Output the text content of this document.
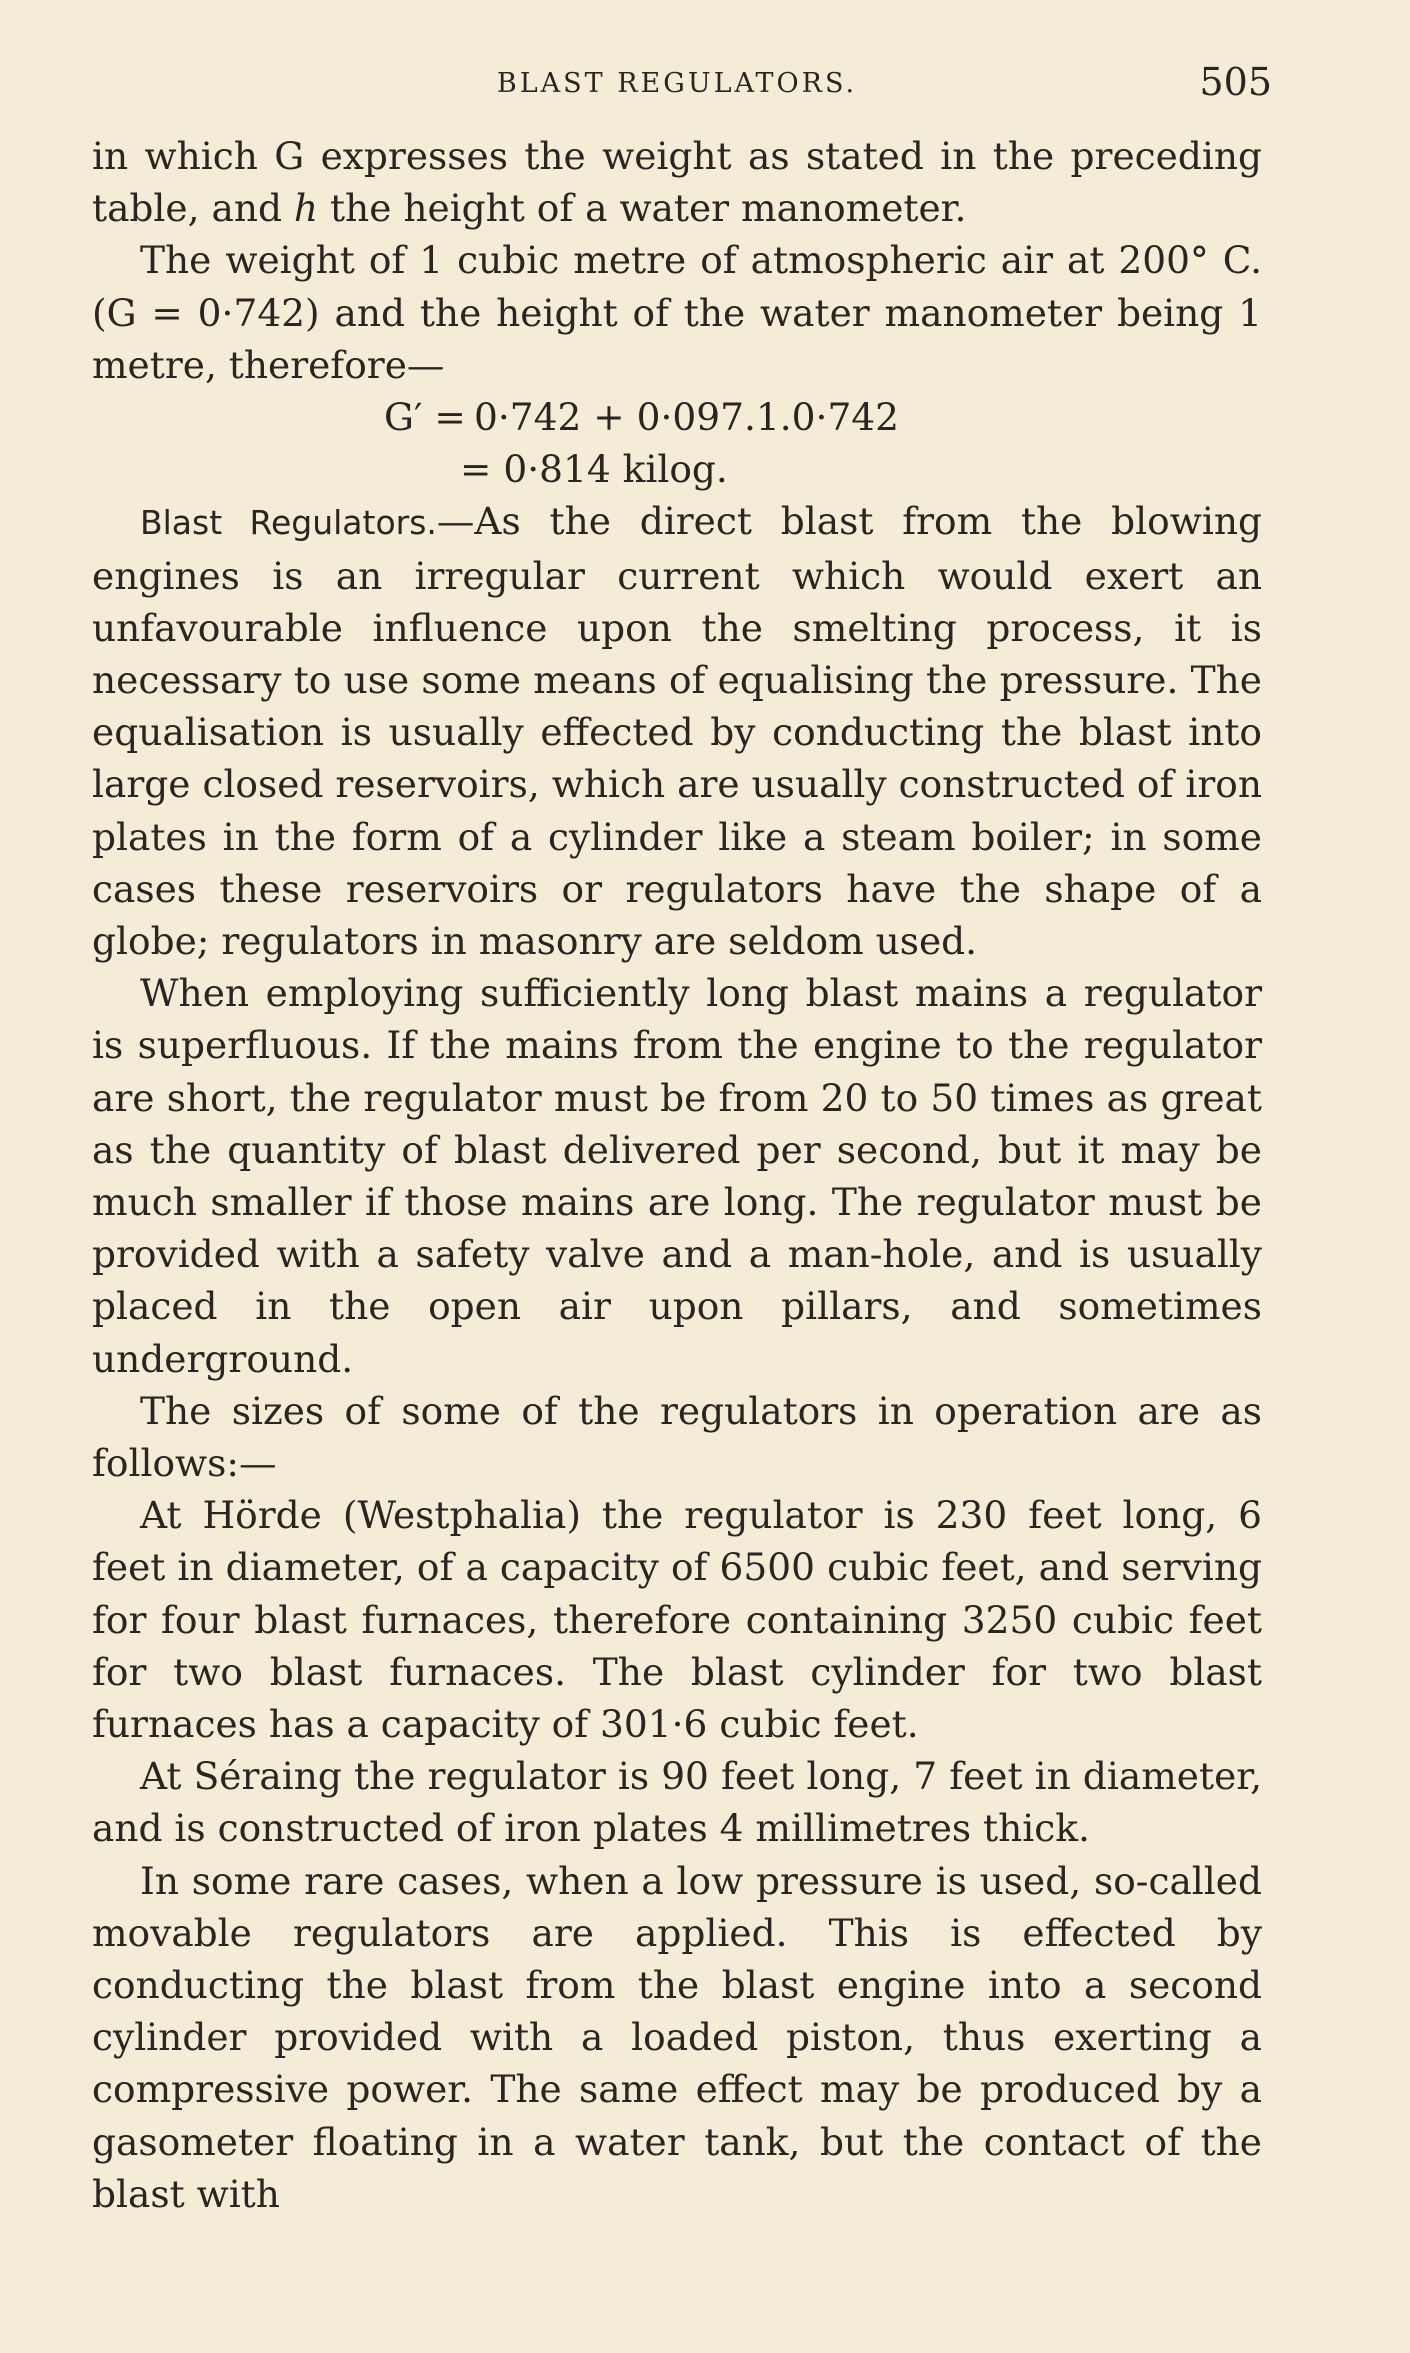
BLAST REGULATORS.	505

in which G expresses the weight as stated in the preceding table, and h the height of a water manometer.

The weight of 1 cubic metre of atmospheric air at 200° C. (G = 0·742) and the height of the water manometer being 1 metre, therefore—

G′ = 0·742 + 0·097.1.0·742
= 0·814 kilog.

Blast Regulators.—As the direct blast from the blowing engines is an irregular current which would exert an unfavourable influence upon the smelting process, it is necessary to use some means of equalising the pressure. The equalisation is usually effected by conducting the blast into large closed reservoirs, which are usually constructed of iron plates in the form of a cylinder like a steam boiler; in some cases these reservoirs or regulators have the shape of a globe; regulators in masonry are seldom used.

When employing sufficiently long blast mains a regulator is superfluous. If the mains from the engine to the regulator are short, the regulator must be from 20 to 50 times as great as the quantity of blast delivered per second, but it may be much smaller if those mains are long. The regulator must be provided with a safety valve and a man-hole, and is usually placed in the open air upon pillars, and sometimes underground.

The sizes of some of the regulators in operation are as follows:—

At Hörde (Westphalia) the regulator is 230 feet long, 6 feet in diameter, of a capacity of 6500 cubic feet, and serving for four blast furnaces, therefore containing 3250 cubic feet for two blast furnaces. The blast cylinder for two blast furnaces has a capacity of 301·6 cubic feet.

At Séraing the regulator is 90 feet long, 7 feet in diameter, and is constructed of iron plates 4 millimetres thick.

In some rare cases, when a low pressure is used, so-called movable regulators are applied. This is effected by conducting the blast from the blast engine into a second cylinder provided with a loaded piston, thus exerting a compressive power. The same effect may be produced by a gasometer floating in a water tank, but the contact of the blast with
